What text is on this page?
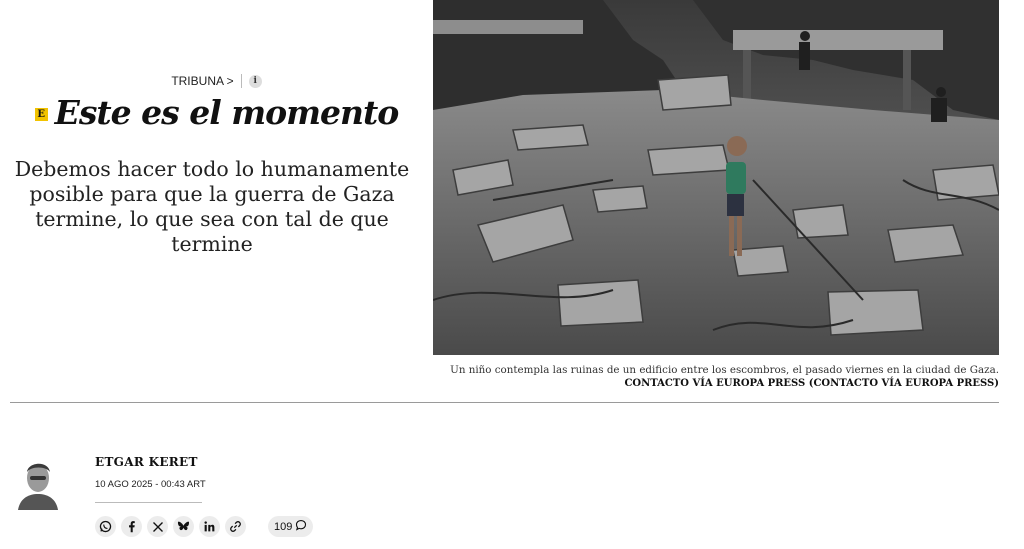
TRIBUNA >	i
E Este es el momento
Debemos hacer todo lo humanamente posible para que la guerra de Gaza termine, lo que sea con tal de que termine
Un niño contempla las ruinas de un edificio entre los escombros, el pasado viernes en la ciudad de Gaza.
CONTACTO VÍA EUROPA PRESS (CONTACTO VÍA EUROPA PRESS)
ETGAR KERET
10 AGO 2025 - 00:43 ART
109
